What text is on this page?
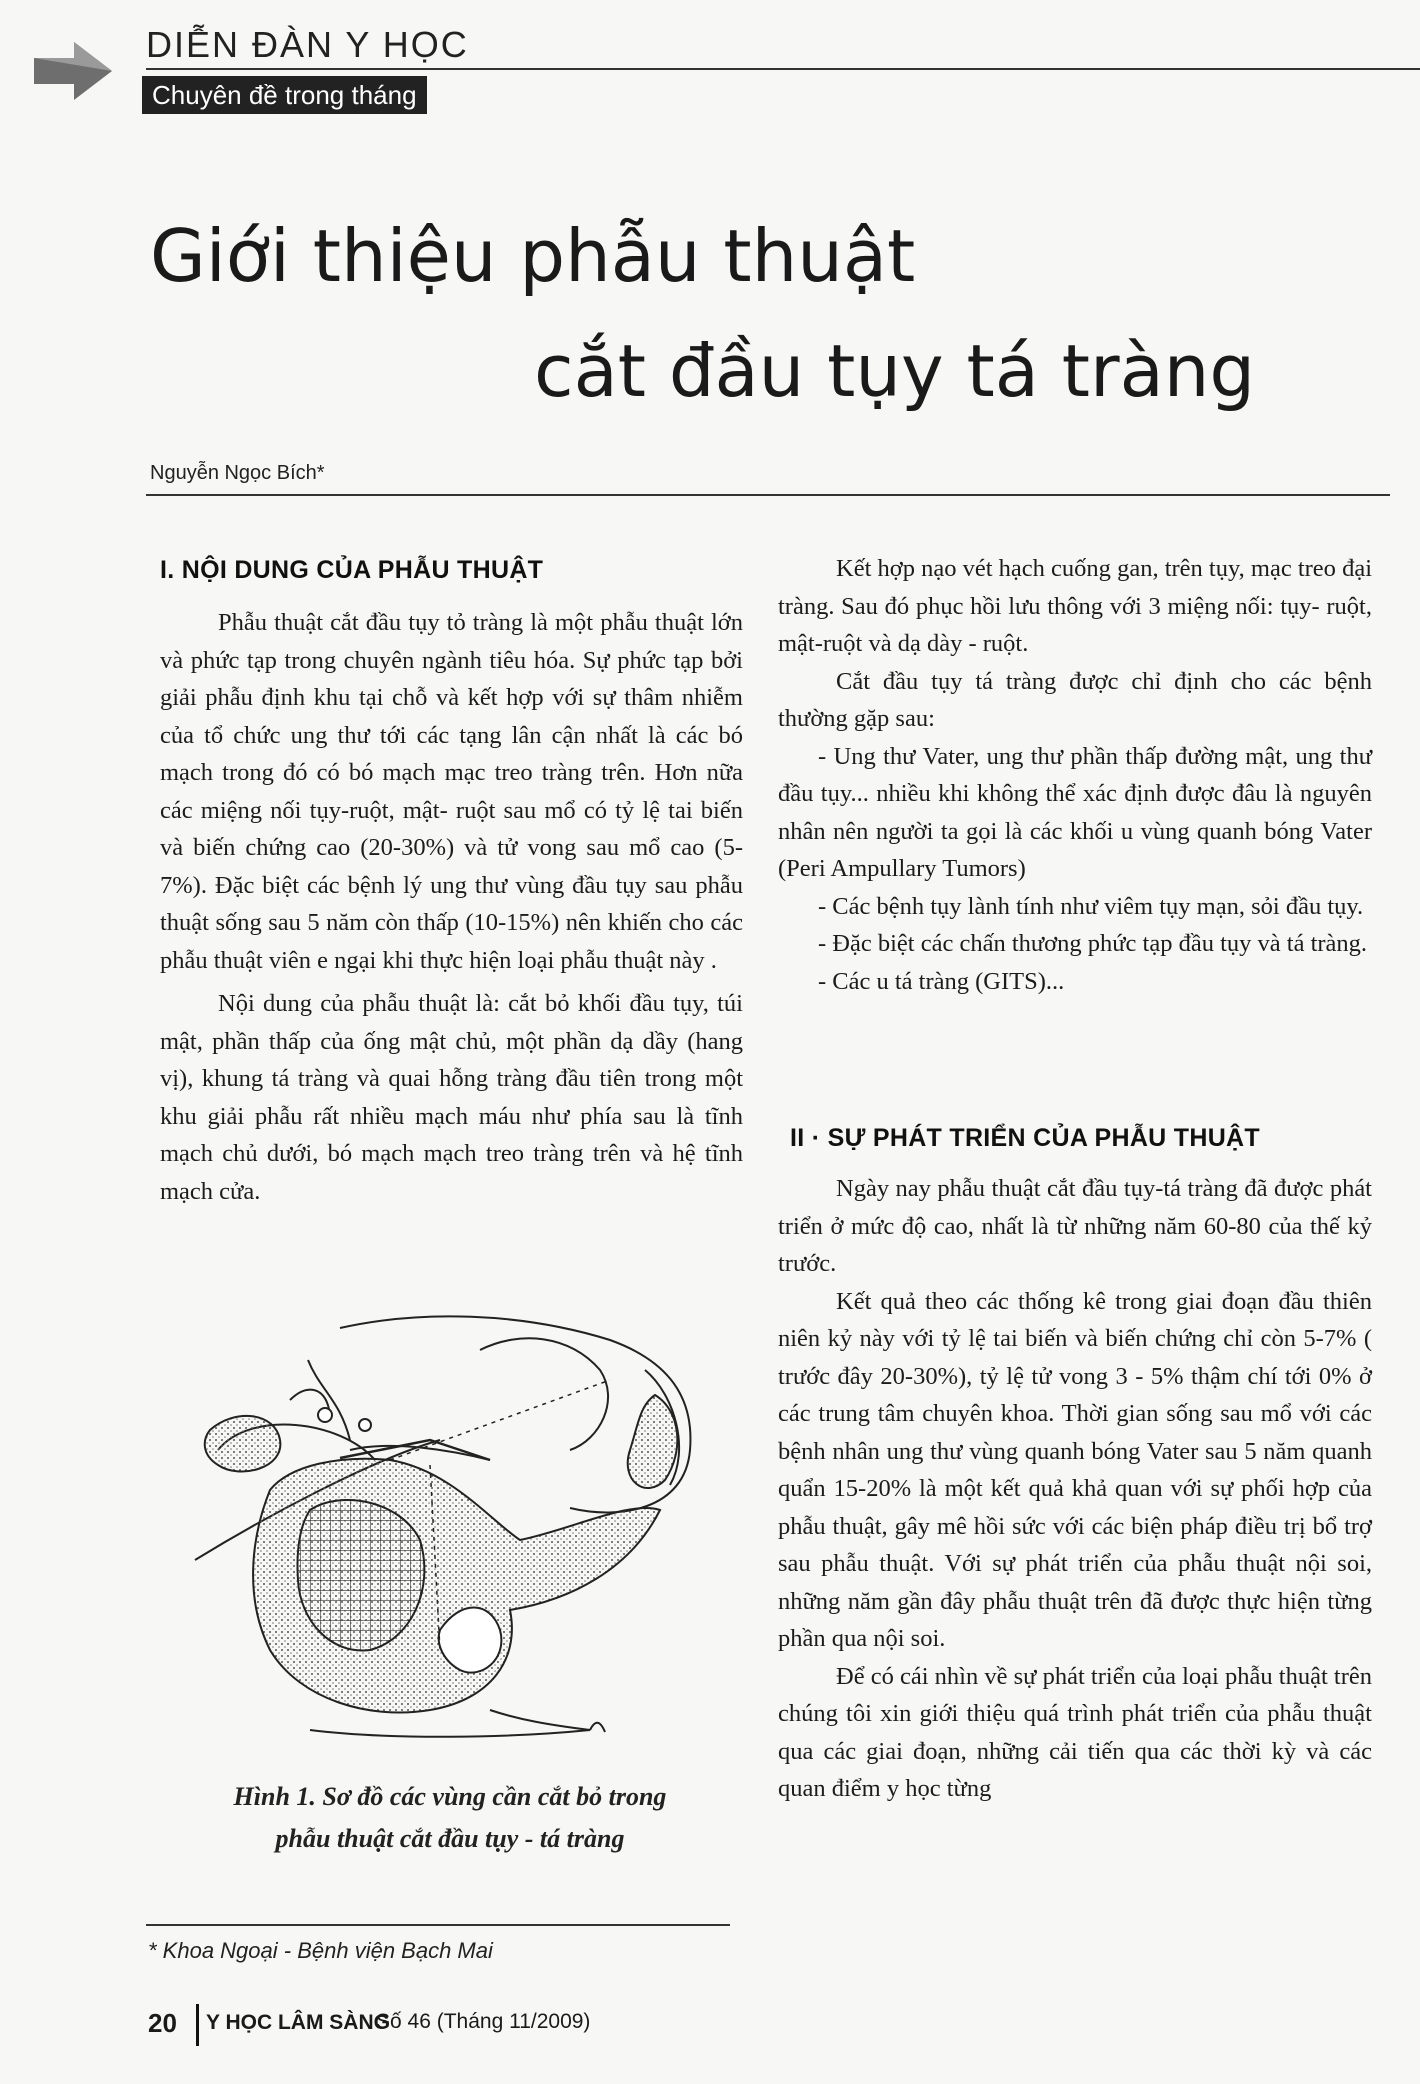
DIỄN ĐÀN Y HỌC
Chuyên đề trong tháng
Giới thiệu phẫu thuật
cắt đầu tụy tá tràng
Nguyễn Ngọc Bích*
I. NỘI DUNG CỦA PHẪU THUẬT

Phẫu thuật cắt đầu tụy tỏ tràng là một phẫu thuật lớn và phức tạp trong chuyên ngành tiêu hóa. Sự phức tạp bởi giải phẫu định khu tại chỗ và kết hợp với sự thâm nhiễm của tổ chức ung thư tới các tạng lân cận nhất là các bó mạch trong đó có bó mạch mạc treo tràng trên. Hơn nữa các miệng nối tụy-ruột, mật- ruột sau mổ có tỷ lệ tai biến và biến chứng cao (20-30%) và tử vong sau mổ cao (5-7%). Đặc biệt các bệnh lý ung thư vùng đầu tụy sau phẫu thuật sống sau 5 năm còn thấp (10-15%) nên khiến cho các phẫu thuật viên e ngại khi thực hiện loại phẫu thuật này .

Nội dung của phẫu thuật là: cắt bỏ khối đầu tụy, túi mật, phần thấp của ống mật chủ, một phần dạ dầy (hang vị), khung tá tràng và quai hỗng tràng đầu tiên trong một khu giải phẫu rất nhiều mạch máu như phía sau là tĩnh mạch chủ dưới, bó mạch mạch treo tràng trên và hệ tĩnh mạch cửa.

Hình 1. Sơ đồ các vùng cần cắt bỏ trong
phẫu thuật cắt đầu tụy - tá tràng

Kết hợp nạo vét hạch cuống gan, trên tụy, mạc treo đại tràng. Sau đó phục hồi lưu thông với 3 miệng nối: tụy- ruột, mật-ruột và dạ dày - ruột.

Cắt đầu tụy tá tràng được chỉ định cho các bệnh thường gặp sau:

- Ung thư Vater, ung thư phần thấp đường mật, ung thư đầu tụy... nhiều khi không thể xác định được đâu là nguyên nhân nên người ta gọi là các khối u vùng quanh bóng Vater (Peri Ampullary Tumors)

- Các bệnh tụy lành tính như viêm tụy mạn, sỏi đầu tụy.

- Đặc biệt các chấn thương phức tạp đầu tụy và tá tràng.

- Các u tá tràng (GITS)...

II · SỰ PHÁT TRIỂN CỦA PHẪU THUẬT

Ngày nay phẫu thuật cắt đầu tụy-tá tràng đã được phát triển ở mức độ cao, nhất là từ những năm 60-80 của thế kỷ trước.

Kết quả theo các thống kê trong giai đoạn đầu thiên niên kỷ này với tỷ lệ tai biến và biến chứng chỉ còn 5-7% ( trước đây 20-30%), tỷ lệ tử vong 3 - 5% thậm chí tới 0% ở các trung tâm chuyên khoa. Thời gian sống sau mổ với các bệnh nhân ung thư vùng quanh bóng Vater sau 5 năm quanh quẩn 15-20% là một kết quả khả quan với sự phối hợp của phẫu thuật, gây mê hồi sức với các biện pháp điều trị bổ trợ sau phẫu thuật. Với sự phát triển của phẫu thuật nội soi, những năm gần đây phẫu thuật trên đã được thực hiện từng phần qua nội soi.

Để có cái nhìn về sự phát triển của loại phẫu thuật trên chúng tôi xin giới thiệu quá trình phát triển của phẫu thuật qua các giai đoạn, những cải tiến qua các thời kỳ và các quan điểm y học từng

* Khoa Ngoại - Bệnh viện Bạch Mai
20 Y HỌC LÂM SÀNG
Số 46 (Tháng 11/2009)
